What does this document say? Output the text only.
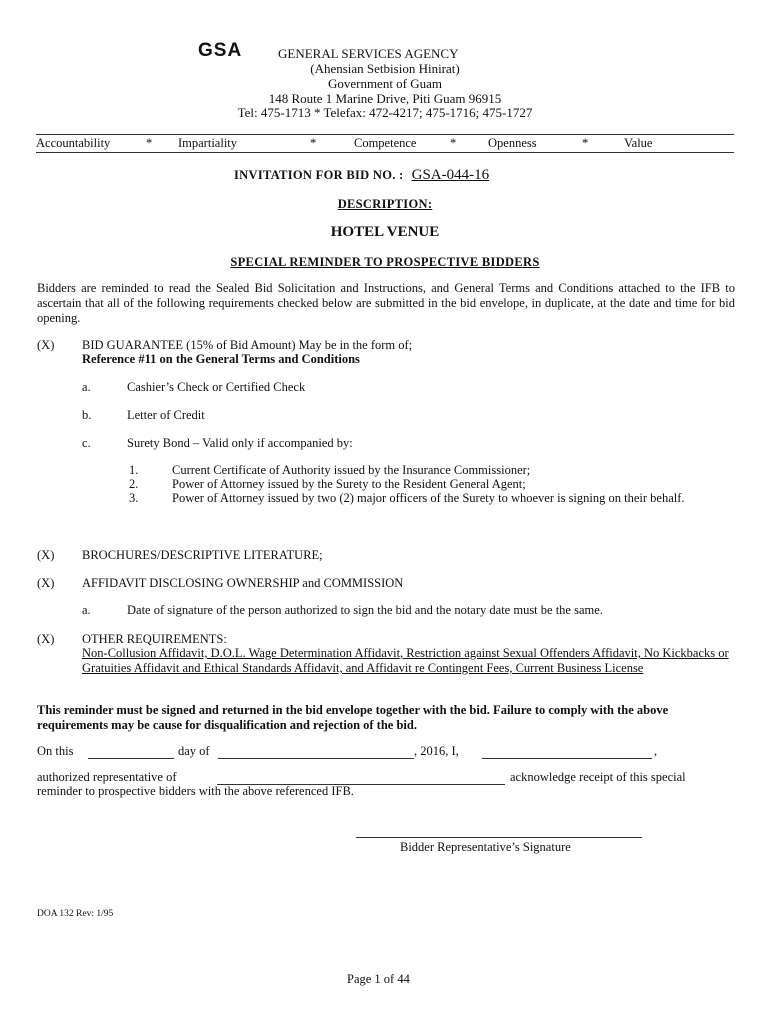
GSA	GENERAL SERVICES AGENCY
(Ahensian Setbision Hinirat)
Government of Guam
148 Route 1 Marine Drive, Piti Guam 96915
Tel: 475-1713 * Telefax: 472-4217; 475-1716; 475-1727
Accountability	* Impartiality	*	Competence	*	Openness	*	Value
INVITATION FOR BID NO. : GSA-044-16
DESCRIPTION:
HOTEL VENUE
SPECIAL REMINDER TO PROSPECTIVE BIDDERS
Bidders are reminded to read the Sealed Bid Solicitation and Instructions, and General Terms and Conditions attached to the IFB to ascertain that all of the following requirements checked below are submitted in the bid envelope, in duplicate, at the date and time for bid opening.
(X) BID GUARANTEE (15% of Bid Amount) May be in the form of;
Reference #11 on the General Terms and Conditions
a.	Cashier’s Check or Certified Check
b.	Letter of Credit
c.	Surety Bond – Valid only if accompanied by:
1.	Current Certificate of Authority issued by the Insurance Commissioner;
2.	Power of Attorney issued by the Surety to the Resident General Agent;
3.	Power of Attorney issued by two (2) major officers of the Surety to whoever is signing on their behalf.
(X) BROCHURES/DESCRIPTIVE LITERATURE;
(X) AFFIDAVIT DISCLOSING OWNERSHIP and COMMISSION
a.	Date of signature of the person authorized to sign the bid and the notary date must be the same.
(X) OTHER REQUIREMENTS:
Non-Collusion Affidavit, D.O.L. Wage Determination Affidavit, Restriction against Sexual Offenders Affidavit, No Kickbacks or Gratuities Affidavit and Ethical Standards Affidavit, and Affidavit re Contingent Fees, Current Business License
This reminder must be signed and returned in the bid envelope together with the bid. Failure to comply with the above requirements may be cause for disqualification and rejection of the bid.
On this	day of	, 2016, I,	,
authorized representative of	acknowledge receipt of this special
reminder to prospective bidders with the above referenced IFB.
Bidder Representative’s Signature
DOA 132 Rev: 1/95
Page 1 of 44
